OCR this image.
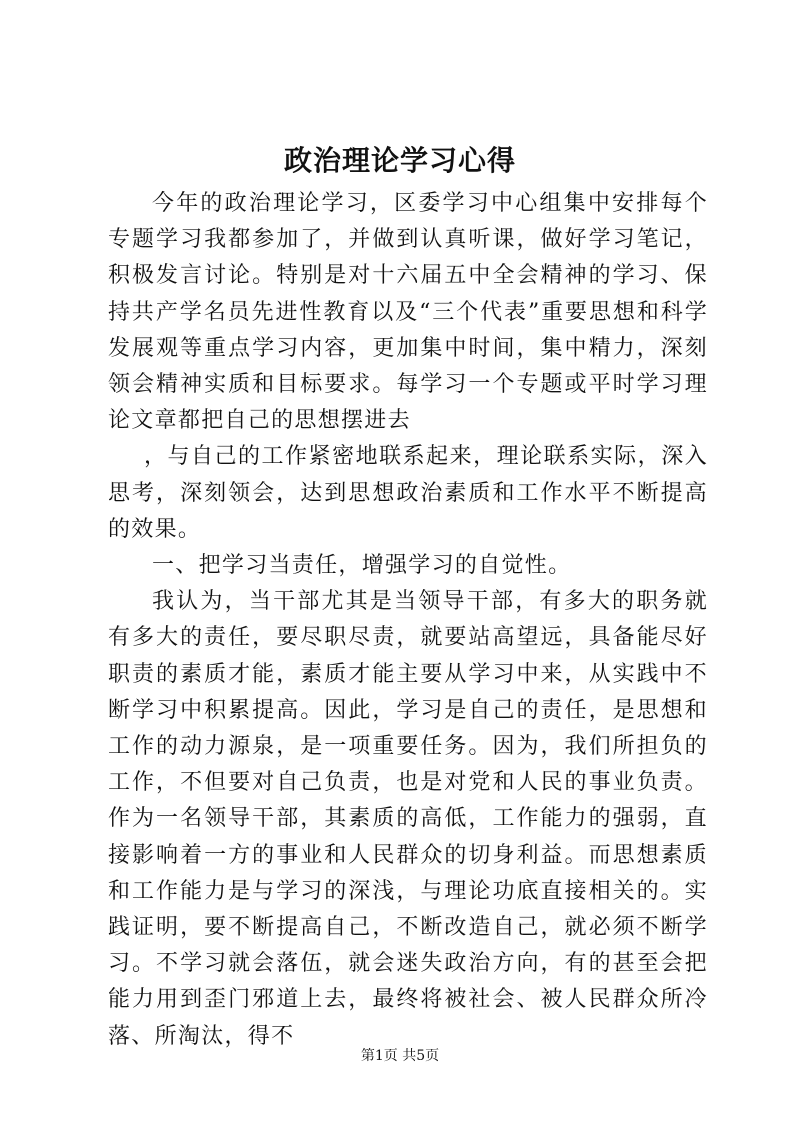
政治理论学习心得

今年的政治理论学习，区委学习中心组集中安排每个专题学习我都参加了，并做到认真听课，做好学习笔记，积极发言讨论。特别是对十六届五中全会精神的学习、保持共产学名员先进性教育以及“三个代表”重要思想和科学发展观等重点学习内容，更加集中时间，集中精力，深刻领会精神实质和目标要求。每学习一个专题或平时学习理论文章都把自己的思想摆进去

，与自己的工作紧密地联系起来，理论联系实际，深入思考，深刻领会，达到思想政治素质和工作水平不断提高的效果。

一、把学习当责任，增强学习的自觉性。

我认为，当干部尤其是当领导干部，有多大的职务就有多大的责任，要尽职尽责，就要站高望远，具备能尽好职责的素质才能，素质才能主要从学习中来，从实践中不断学习中积累提高。因此，学习是自己的责任，是思想和工作的动力源泉，是一项重要任务。因为，我们所担负的工作，不但要对自己负责，也是对党和人民的事业负责。作为一名领导干部，其素质的高低，工作能力的强弱，直接影响着一方的事业和人民群众的切身利益。而思想素质和工作能力是与学习的深浅，与理论功底直接相关的。实践证明，要不断提高自己，不断改造自己，就必须不断学习。不学习就会落伍，就会迷失政治方向，有的甚至会把能力用到歪门邪道上去，最终将被社会、被人民群众所冷落、所淘汰，得不

第1页 共5页
